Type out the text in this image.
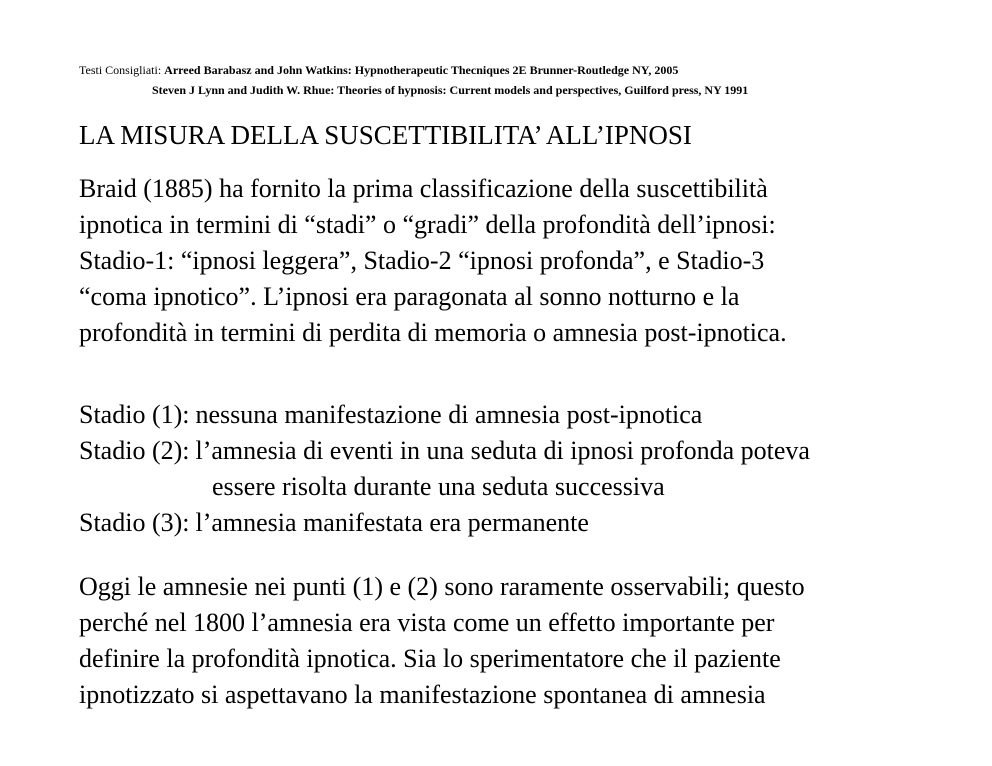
Testi Consigliati: Arreed Barabasz and John Watkins: Hypnotherapeutic Thecniques 2E Brunner-Routledge NY, 2005
Steven J Lynn and Judith W. Rhue: Theories of hypnosis: Current models and perspectives, Guilford press, NY 1991
LA MISURA DELLA SUSCETTIBILITA’ ALL’IPNOSI
Braid (1885) ha fornito la prima classificazione della suscettibilità
ipnotica in termini di “stadi” o “gradi” della profondità dell’ipnosi:
Stadio-1: “ipnosi leggera”, Stadio-2 “ipnosi profonda”, e Stadio-3
“coma ipnotico”. L’ipnosi era paragonata al sonno notturno e la
profondità in termini di perdita di memoria o amnesia post-ipnotica.
Stadio (1): nessuna manifestazione di amnesia post-ipnotica
Stadio (2): l’amnesia di eventi in una seduta di ipnosi profonda poteva
essere risolta durante una seduta successiva
Stadio (3): l’amnesia manifestata era permanente
Oggi le amnesie nei punti (1) e (2) sono raramente osservabili; questo
perché nel 1800 l’amnesia era vista come un effetto importante per
definire la profondità ipnotica. Sia lo sperimentatore che il paziente
ipnotizzato si aspettavano la manifestazione spontanea di amnesia
